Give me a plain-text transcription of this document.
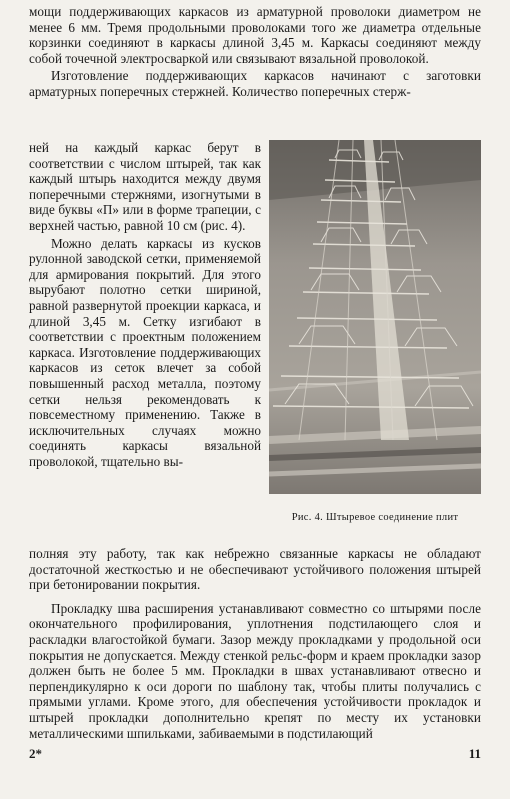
мощи поддерживающих каркасов из арматурной проволоки диаметром не менее 6 мм. Тремя продольными проволоками того же диаметра отдельные корзинки соединяют в каркасы длиной 3,45 м. Каркасы соединяют между собой точечной электросваркой или связывают вязальной проволокой.

Изготовление поддерживающих каркасов начинают с заготовки арматурных поперечных стержней. Количество поперечных стерж-

ней на каждый каркас берут в соответствии с числом штырей, так как каждый штырь находится между двумя поперечными стержнями, изогнутыми в виде буквы «П» или в форме трапеции, с верхней частью, равной 10 см (рис. 4).

Можно делать каркасы из кусков рулонной заводской сетки, применяемой для армирования покрытий. Для этого вырубают полотно сетки шириной, равной развернутой проекции каркаса, и длиной 3,45 м. Сетку изгибают в соответствии с проектным положением каркаса. Изготовление поддерживающих каркасов из сеток влечет за собой повышенный расход металла, поэтому сетки нельзя рекомендовать к повсеместному применению. Также в исключительных случаях можно соединять каркасы вязальной проволокой, тщательно вы-

Рис. 4. Штыревое соединение плит

полняя эту работу, так как небрежно связанные каркасы не обладают достаточной жесткостью и не обеспечивают устойчивого положения штырей при бетонировании покрытия.

Прокладку шва расширения устанавливают совместно со штырями после окончательного профилирования, уплотнения подстилающего слоя и раскладки влагостойкой бумаги. Зазор между прокладками у продольной оси покрытия не допускается. Между стенкой рельс-форм и краем прокладки зазор должен быть не более 5 мм. Прокладки в швах устанавливают отвесно и перпендикулярно к оси дороги по шаблону так, чтобы плиты получались с прямыми углами. Кроме этого, для обеспечения устойчивости прокладок и штырей прокладки дополнительно крепят по месту их установки металлическими шпильками, забиваемыми в подстилающий

2*	11
